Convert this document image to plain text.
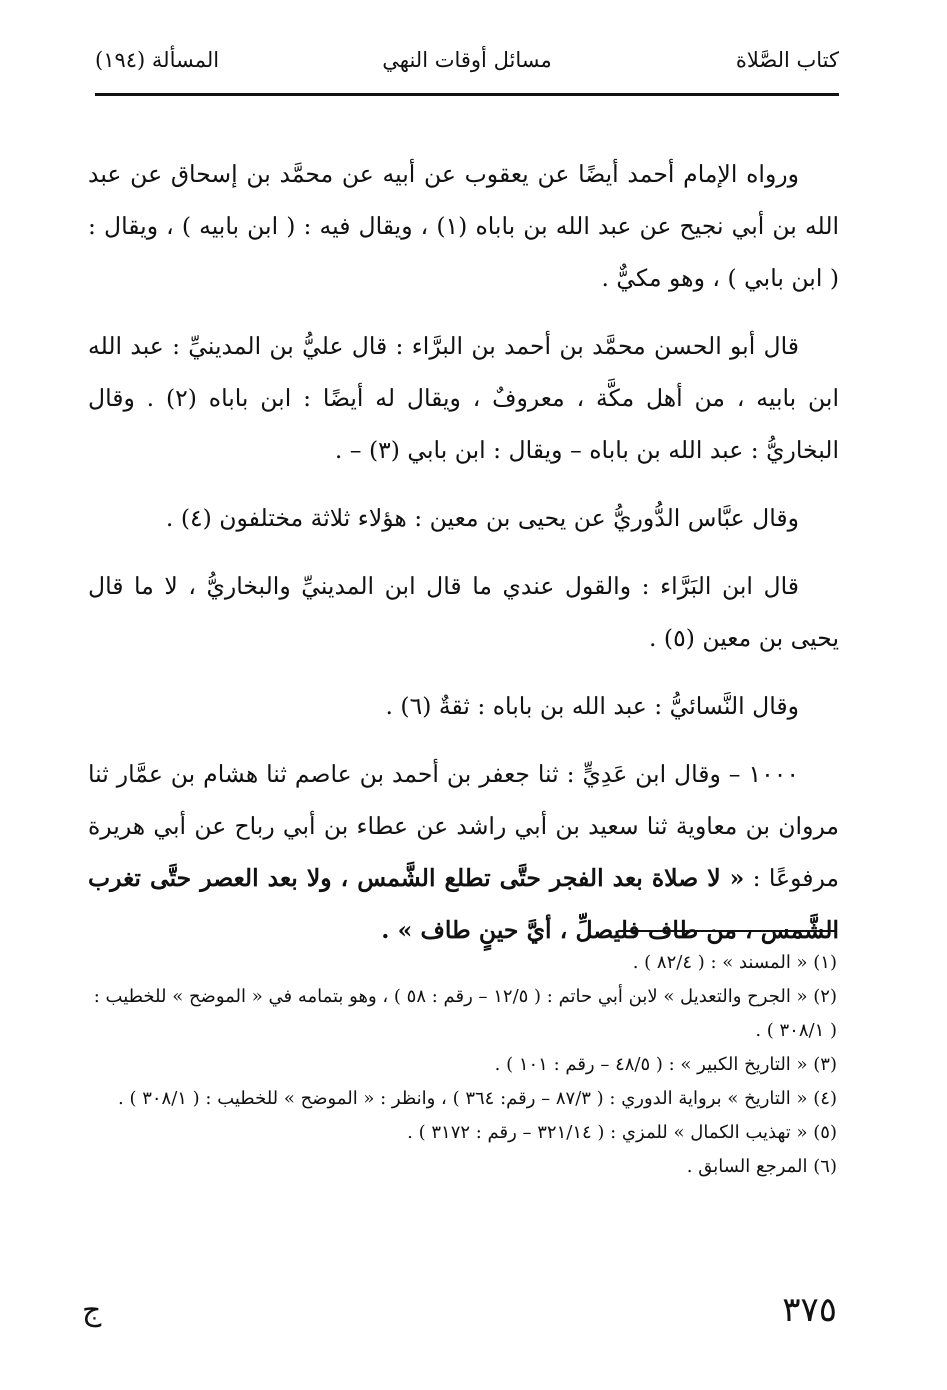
كتاب الصَّلاة
مسائل أوقات النهي
المسألة (١٩٤)

ورواه الإمام أحمد أيضًا عن يعقوب عن أبيه عن محمَّد بن إسحاق عن عبد الله بن أبي نجيح عن عبد الله بن باباه (١) ، ويقال فيه : ( ابن بابيه ) ، ويقال : ( ابن بابي ) ، وهو مكيٌّ .

قال أبو الحسن محمَّد بن أحمد بن البرَّاء : قال عليُّ بن المدينيِّ : عبد الله ابن بابيه ، من أهل مكَّة ، معروفٌ ، ويقال له أيضًا : ابن باباه (٢) . وقال البخاريُّ : عبد الله بن باباه – ويقال : ابن بابي (٣) – .

وقال عبَّاس الدُّوريُّ عن يحيى بن معين : هؤلاء ثلاثة مختلفون (٤) .

قال ابن البَرَّاء : والقول عندي ما قال ابن المدينيِّ والبخاريُّ ، لا ما قال يحيى بن معين (٥) .

وقال النَّسائيُّ : عبد الله بن باباه : ثقةٌ (٦) .

١٠٠٠ – وقال ابن عَدِيٍّ : ثنا جعفر بن أحمد بن عاصم ثنا هشام بن عمَّار ثنا مروان بن معاوية ثنا سعيد بن أبي راشد عن عطاء بن أبي رباح عن أبي هريرة مرفوعًا : « لا صلاة بعد الفجر حتَّى تطلع الشَّمس ، ولا بعد العصر حتَّى تغرب الشَّمس ، من طاف فليصلِّ ، أيَّ حينٍ طاف » .

(١) « المسند » : ( ٨٢/٤ ) .

(٢) « الجرح والتعديل » لابن أبي حاتم : ( ١٢/٥ – رقم : ٥٨ ) ، وهو بتمامه في « الموضح » للخطيب : ( ٣٠٨/١ ) .

(٣) « التاريخ الكبير » : ( ٤٨/٥ – رقم : ١٠١ ) .

(٤) « التاريخ » برواية الدوري : ( ٨٧/٣ – رقم: ٣٦٤ ) ، وانظر : « الموضح » للخطيب : ( ٣٠٨/١ ) .

(٥) « تهذيب الكمال » للمزي : ( ٣٢١/١٤ – رقم : ٣١٧٢ ) .

(٦) المرجع السابق .

٣٧٥
ج
